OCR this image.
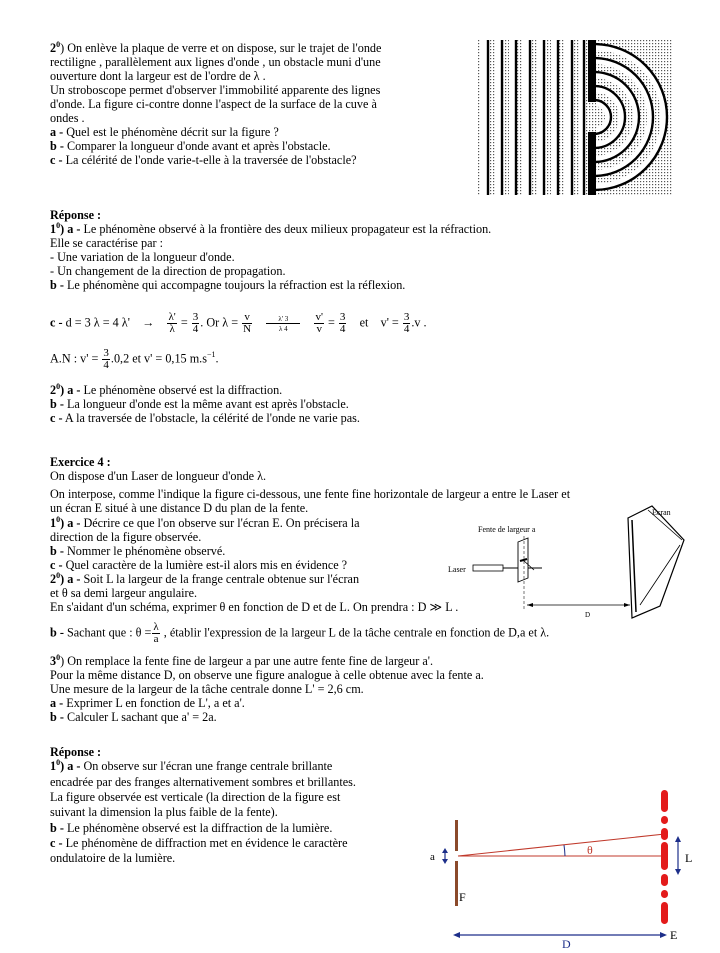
$2^0$) On enlève la plaque de verre et on dispose, sur le trajet de l'onde
rectiligne , parallèlement aux lignes d'onde , un obstacle muni d'une
ouverture dont la largeur est de l'ordre de λ .
Un stroboscope permet d'observer l'immobilité apparente des lignes
d'onde. La figure ci-contre donne l'aspect de la surface de la cuve à
ondes .
a - Quel est le phénomène décrit sur la figure ?
b - Comparer la longueur d'onde avant et après l'obstacle.
c - La célérité de l'onde varie-t-elle à la traversée de l'obstacle?
Réponse :
$1^0$) a - Le phénomène observé à la frontière des deux milieux propagateur est la réfraction.
Elle se caractérise par :
- Une variation de la longueur d'onde.
- Un changement de la direction de propagation.
b - Le phénomène qui accompagne toujours la réfraction est la réflexion.
c - d = 3 λ = 4 $\lambda' \to \frac{\lambda'}{\lambda} = \frac{3}{4}$ . Or $\lambda = \frac{v}{N}$
$\frac{\lambda' 3}{\lambda 4}$
$\frac{v'}{v} = \frac{3}{4}$ et $v' = \frac{3}{4} .v$ .
A.N : $v' = \frac{3}{4} .0,2$ et v' = 0,15 $m.s^{-1}$.
$2^0$) a - Le phénomène observé est la diffraction.
b - La longueur d'onde est la même avant est après l'obstacle.
c - A la traversée de l'obstacle, la célérité de l'onde ne varie pas.
Exercice 4 :
On dispose d'un Laser de longueur d'onde λ.
On interpose, comme l'indique la figure ci-dessous, une fente fine horizontale de largeur a entre le Laser et
un écran E situé à une distance D du plan de la fente.
$1^0$) a - Décrire ce que l'on observe sur l'écran E. On précisera la
direction de la figure observée.
b - Nommer le phénomène observé.
c - Quel caractère de la lumière est-il alors mis en évidence ?
$2^0$) a - Soit L la largeur de la frange centrale obtenue sur l'écran
et θ sa demi largeur angulaire.
En s'aidant d'un schéma, exprimer θ en fonction de D et de L. On prendra : D ≫ L .
b - Sachant que : $\theta = \frac{\lambda}{a}$ , établir l'expression de la largeur L de la tâche centrale en fonction de D,a et λ.
$3^0$) On remplace la fente fine de largeur a par une autre fente fine de largeur a'.
Pour la même distance D, on observe une figure analogue à celle obtenue avec la fente a.
Une mesure de la largeur de la tâche centrale donne L' = 2,6 cm.
a - Exprimer L en fonction de L', a et a'.
b - Calculer L sachant que a' = 2a.
Fente de largeur a
Ecran
Laser
D
Réponse :
$1^0$) a - On observe sur l'écran une frange centrale brillante
encadrée par des franges alternativement sombres et brillantes.
La figure observée est verticale (la direction de la figure est
suivant la dimension la plus faible de la fente).
b - Le phénomène observé est la diffraction de la lumière.
c - Le phénomène de diffraction met en évidence le caractère
ondulatoire de la lumière.
F
a	θ
E
L
D
